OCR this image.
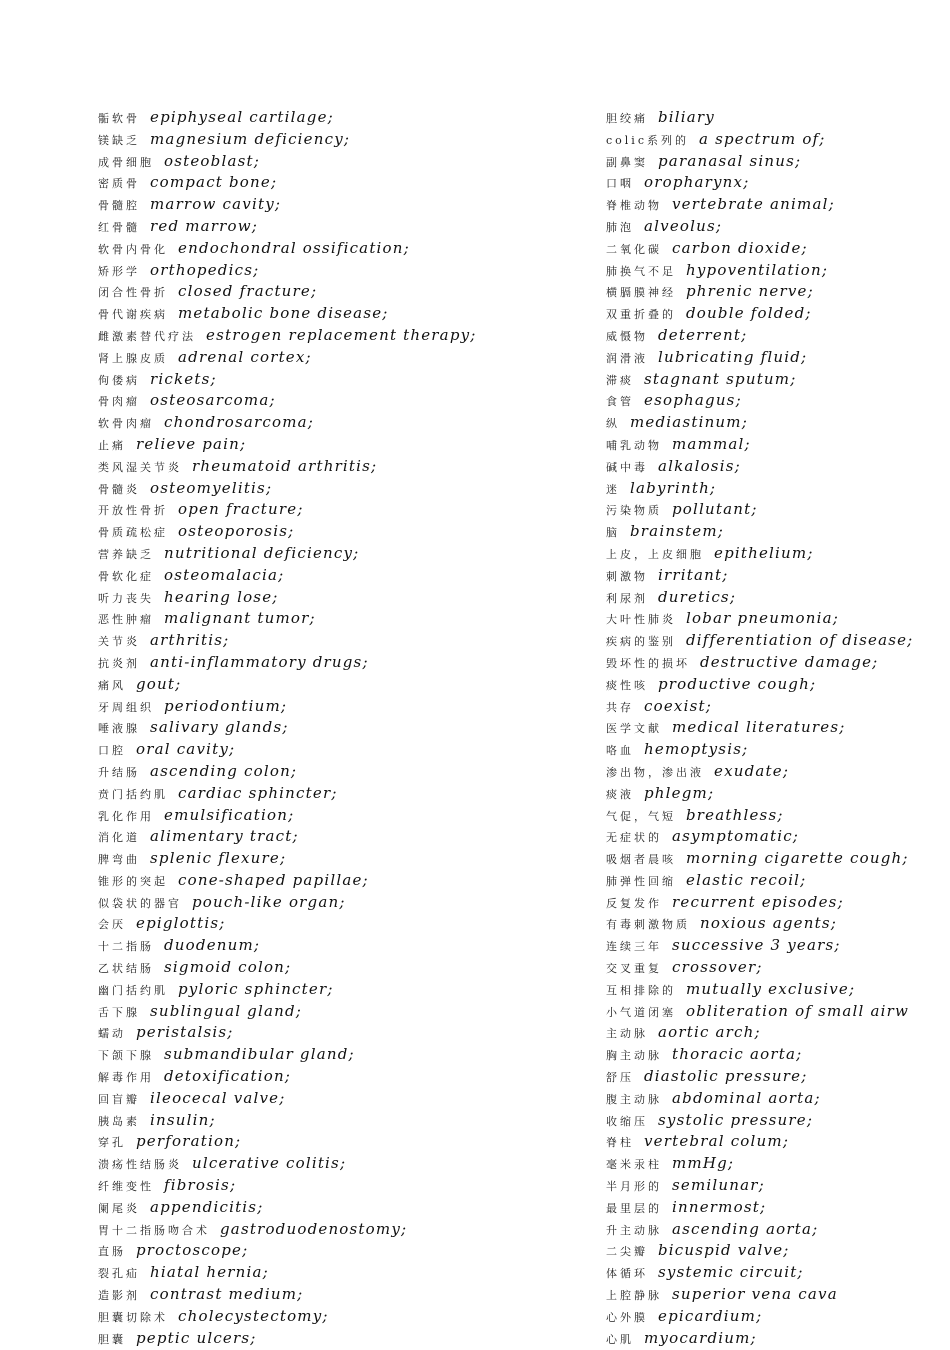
骺软骨 epiphyseal cartilage;
镁缺乏 magnesium deficiency;
成骨细胞 osteoblast;
密质骨 compact bone;
骨髓腔 marrow cavity;
红骨髓 red marrow;
软骨内骨化 endochondral ossification;
矫形学 orthopedics;
闭合性骨折 closed fracture;
骨代谢疾病 metabolic bone disease;
雌激素替代疗法 estrogen replacement therapy;
肾上腺皮质 adrenal cortex;
佝偻病 rickets;
骨肉瘤 osteosarcoma;
软骨肉瘤 chondrosarcoma;
止痛 relieve pain;
类风湿关节炎 rheumatoid arthritis;
骨髓炎 osteomyelitis;
开放性骨折 open fracture;
骨质疏松症 osteoporosis;
营养缺乏 nutritional deficiency;
骨软化症 osteomalacia;
听力丧失 hearing lose;
恶性肿瘤 malignant tumor;
关节炎 arthritis;
抗炎剂 anti-inflammatory drugs;
痛风 gout;
牙周组织 periodontium;
唾液腺 salivary glands;
口腔 oral cavity;
升结肠 ascending colon;
贲门括约肌 cardiac sphincter;
乳化作用 emulsification;
消化道 alimentary tract;
脾弯曲 splenic flexure;
锥形的突起 cone-shaped papillae;
似袋状的器官 pouch-like organ;
会厌 epiglottis;
十二指肠 duodenum;
乙状结肠 sigmoid colon;
幽门括约肌 pyloric sphincter;
舌下腺 sublingual gland;
蠕动 peristalsis;
下颌下腺 submandibular gland;
解毒作用 detoxification;
回盲瓣 ileocecal valve;
胰岛素 insulin;
穿孔 perforation;
溃疡性结肠炎 ulcerative colitis;
纤维变性 fibrosis;
阑尾炎 appendicitis;
胃十二指肠吻合术 gastroduodenostomy;
直肠 proctoscope;
裂孔疝 hiatal hernia;
造影剂 contrast medium;
胆囊切除术 cholecystectomy;
胆囊 peptic ulcers;
胆绞痛 biliary
colic系列的 a spectrum of;
副鼻窦 paranasal sinus;
口咽 oropharynx;
脊椎动物 vertebrate animal;
肺泡 alveolus;
二氧化碳 carbon dioxide;
肺换气不足 hypoventilation;
横膈膜神经 phrenic nerve;
双重折叠的 double folded;
威慑物 deterrent;
润滑液 lubricating fluid;
滞痰 stagnant sputum;
食管 esophagus;
纵 mediastinum;
哺乳动物 mammal;
碱中毒 alkalosis;
迷 labyrinth;
污染物质 pollutant;
脑 brainstem;
上皮，上皮细胞 epithelium;
刺激物 irritant;
利尿剂 duretics;
大叶性肺炎 lobar pneumonia;
疾病的鉴别 differentiation of disease;
毁坏性的损坏 destructive damage;
痰性咳 productive cough;
共存 coexist;
医学文献 medical literatures;
咯血 hemoptysis;
渗出物，渗出液 exudate;
痰液 phlegm;
气促，气短 breathless;
无症状的 asymptomatic;
吸烟者晨咳 morning cigarette cough;
肺弹性回缩 elastic recoil;
反复发作 recurrent episodes;
有毒刺激物质 noxious agents;
连续三年 successive 3 years;
交叉重复 crossover;
互相排除的 mutually exclusive;
小气道闭塞 obliteration of small airw
主动脉 aortic arch;
胸主动脉 thoracic aorta;
舒压 diastolic pressure;
腹主动脉 abdominal aorta;
收缩压 systolic pressure;
脊柱 vertebral colum;
毫米汞柱 mmHg;
半月形的 semilunar;
最里层的 innermost;
升主动脉 ascending aorta;
二尖瓣 bicuspid valve;
体循环 systemic circuit;
上腔静脉 superior vena cava
心外膜 epicardium;
心肌 myocardium;
